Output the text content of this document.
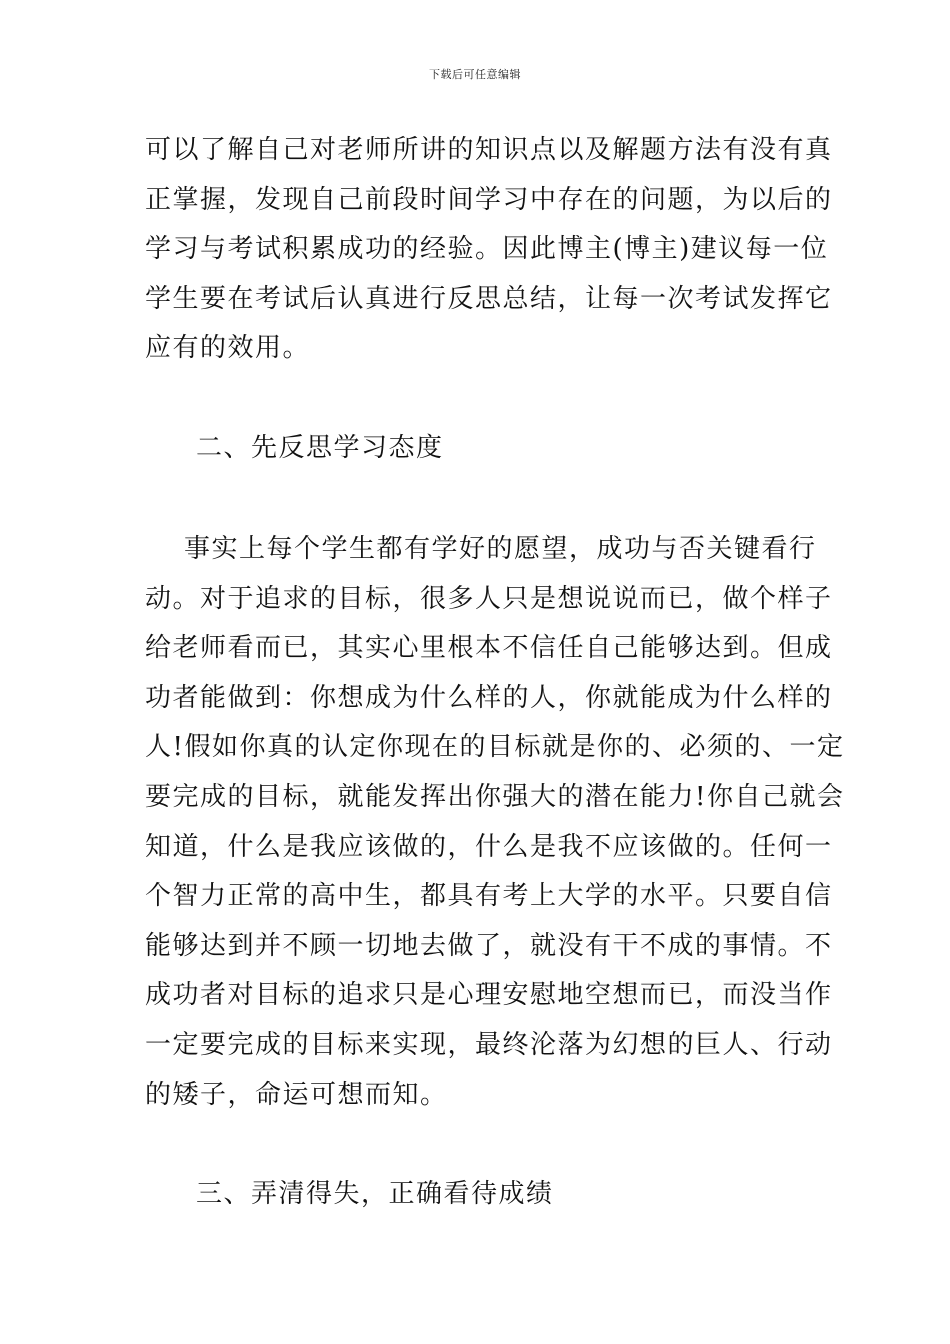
下载后可任意编辑
可以了解自己对老师所讲的知识点以及解题方法有没有真
正掌握，发现自己前段时间学习中存在的问题，为以后的
学习与考试积累成功的经验。因此博主(博主)建议每一位
学生要在考试后认真进行反思总结，让每一次考试发挥它
应有的效用。
二、先反思学习态度
事实上每个学生都有学好的愿望，成功与否关键看行
动。对于追求的目标，很多人只是想说说而已，做个样子
给老师看而已，其实心里根本不信任自己能够达到。但成
功者能做到：你想成为什么样的人，你就能成为什么样的
人!假如你真的认定你现在的目标就是你的、必须的、一定
要完成的目标，就能发挥出你强大的潜在能力!你自己就会
知道，什么是我应该做的，什么是我不应该做的。任何一
个智力正常的高中生，都具有考上大学的水平。只要自信
能够达到并不顾一切地去做了，就没有干不成的事情。不
成功者对目标的追求只是心理安慰地空想而已，而没当作
一定要完成的目标来实现，最终沦落为幻想的巨人、行动
的矮子，命运可想而知。
三、弄清得失，正确看待成绩
